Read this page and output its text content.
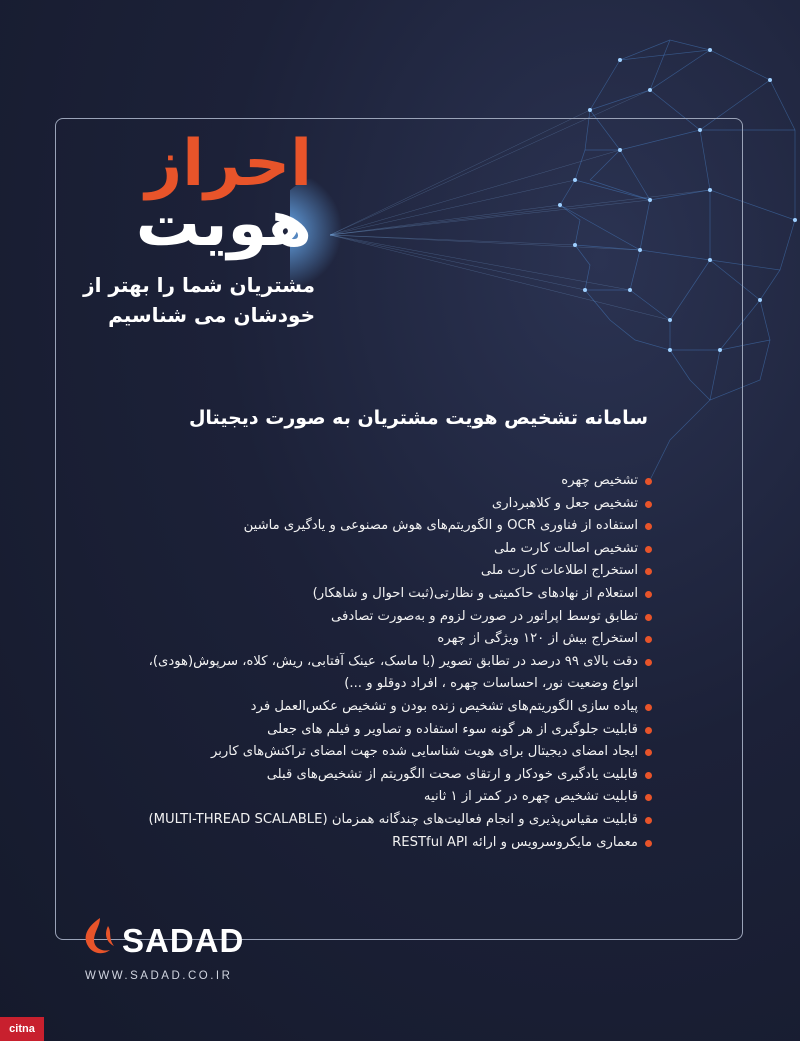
احراز
هویت
مشتریان شما را بهتر از
خودشان می شناسیم
سامانه تشخیص هویت مشتریان به صورت دیجیتال
تشخیص چهره
تشخیص جعل و کلاهبرداری
استفاده از فناوری OCR و الگوریتم‌های هوش مصنوعی و یادگیری ماشین
تشخیص اصالت کارت ملی
استخراج اطلاعات کارت ملی
استعلام از نهادهای حاکمیتی و نظارتی(ثبت احوال و شاهکار)
تطابق توسط اپراتور در صورت لزوم و به‌صورت تصادفی
استخراج بیش از ۱۲۰ ویژگی از چهره
دقت بالای ۹۹ درصد در تطابق تصویر (با ماسک، عینک آفتابی، ریش، کلاه، سرپوش(هودی)، انواع وضعیت نور، احساسات چهره ، افراد دوقلو و ...)
پیاده سازی الگوریتم‌های تشخیص زنده بودن و تشخیص عکس‌العمل فرد
قابلیت جلوگیری از هر گونه سوء استفاده و تصاویر و فیلم های جعلی
ایجاد امضای دیجیتال برای هویت شناسایی شده جهت امضای تراکنش‌های کاربر
قابلیت یادگیری خودکار و ارتقای صحت الگوریتم از تشخیص‌های قبلی
قابلیت تشخیص چهره در کمتر از ۱ ثانیه
قابلیت مقیاس‌پذیری و انجام فعالیت‌های چندگانه همزمان (MULTI-THREAD SCALABLE)
معماری مایکروسرویس و ارائه RESTful API
SADAD
WWW.SADAD.CO.IR
citna
